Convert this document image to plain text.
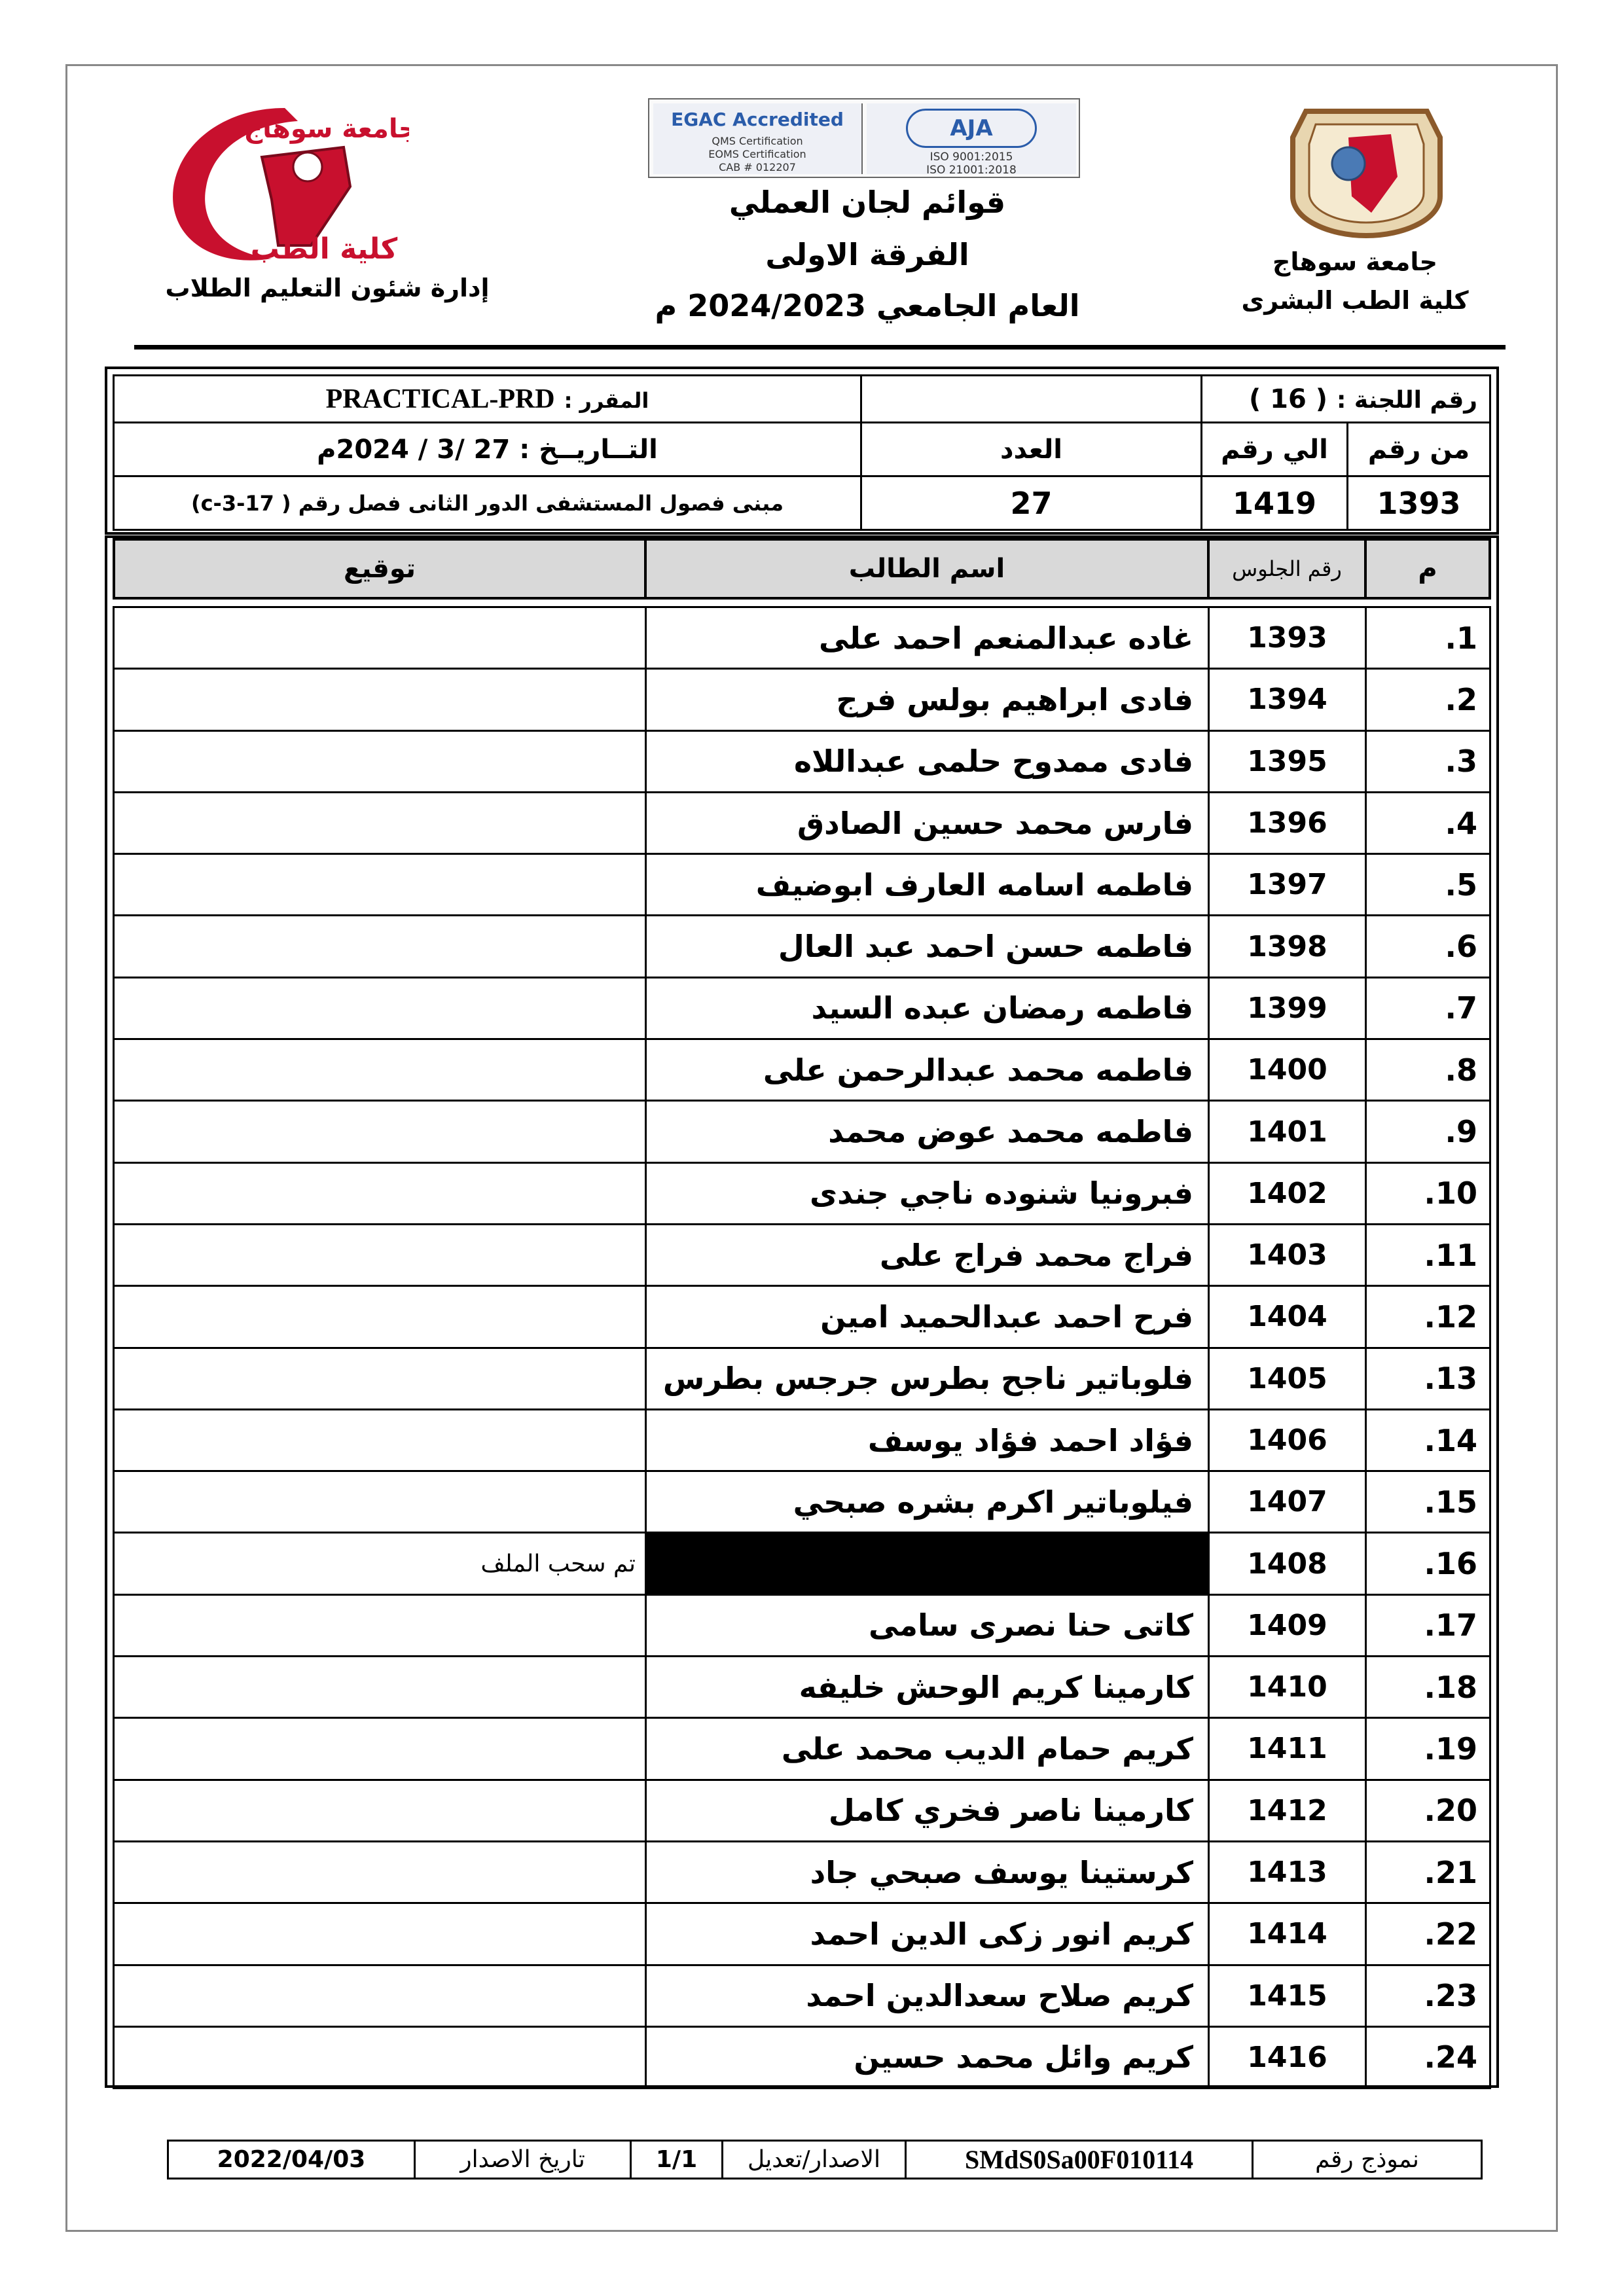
جامعة سوهاج
كلية الطب
EGAC Accredited
QMS Certification
EOMS Certification
CAB # 012207
AJA
ISO 9001:2015
ISO 21001:2018
قوائم لجان العملي
الفرقة الاولى
العام الجامعي 2024/2023 م
جامعة سوهاج
كلية الطب البشرى
إدارة شئون التعليم الطلاب
رقم اللجنة : ( 16 )			المقرر : PRACTICAL-PRD
من رقم	الي رقم	العدد	التــاريــخ : 27 /3 / 2024م
1393	1419	27	مبنى فصول المستشفى الدور الثانى فصل رقم ( 17-3-c)
م	رقم الجلوس	اسم الطالب	توقيع
1.	1393	غاده عبدالمنعم احمد على	
2.	1394	فادى ابراهيم بولس فرج	
3.	1395	فادى ممدوح حلمى عبداللاه	
4.	1396	فارس محمد حسين الصادق	
5.	1397	فاطمه اسامه العارف ابوضيف	
6.	1398	فاطمه حسن احمد عبد العال	
7.	1399	فاطمه رمضان عبده السيد	
8.	1400	فاطمه محمد عبدالرحمن على	
9.	1401	فاطمه محمد عوض محمد	
10.	1402	فبرونيا شنوده ناجي جندى	
11.	1403	فراج محمد فراج على	
12.	1404	فرح احمد عبدالحميد امين	
13.	1405	فلوباتير ناجح بطرس جرجس بطرس	
14.	1406	فؤاد احمد فؤاد يوسف	
15.	1407	فيلوباتير اكرم بشره صبحي	
16.	1408		تم سحب الملف
17.	1409	كاتى حنا نصرى سامى	
18.	1410	كارمينا كريم الوحش خليفه	
19.	1411	كريم حمام الديب محمد على	
20.	1412	كارمينا ناصر فخري كامل	
21.	1413	كرستينا يوسف صبحي جاد	
22.	1414	كريم انور زكى الدين احمد	
23.	1415	كريم صلاح سعدالدين احمد	
24.	1416	كريم وائل محمد حسين	
نموذج رقم	SMdS0Sa00F010114	الاصدار/تعديل	1/1	تاريخ الاصدار	2022/04/03
